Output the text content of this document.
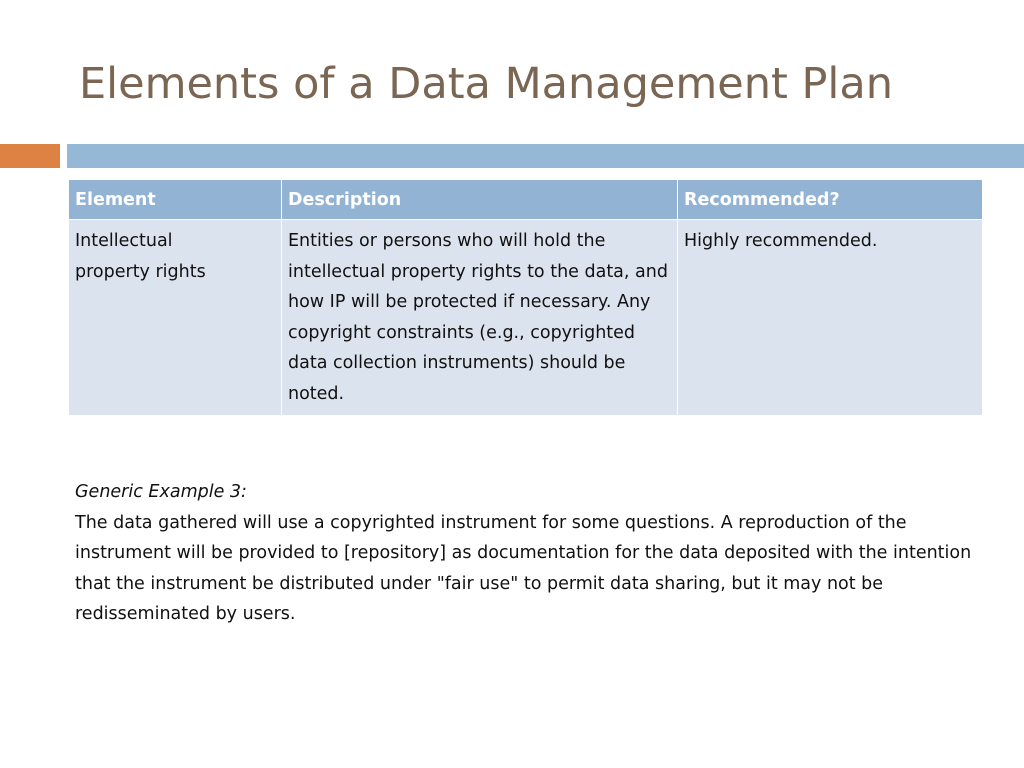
Elements of a Data Management Plan
Element	Description	Recommended?
Intellectual property rights	Entities or persons who will hold the intellectual property rights to the data, and how IP will be protected if necessary. Any copyright constraints (e.g., copyrighted data collection instruments) should be noted.	Highly recommended.
Generic Example 3:
The data gathered will use a copyrighted instrument for some questions. A reproduction of the instrument will be provided to [repository] as documentation for the data deposited with the intention that the instrument be distributed under "fair use" to permit data sharing, but it may not be redisseminated by users.
